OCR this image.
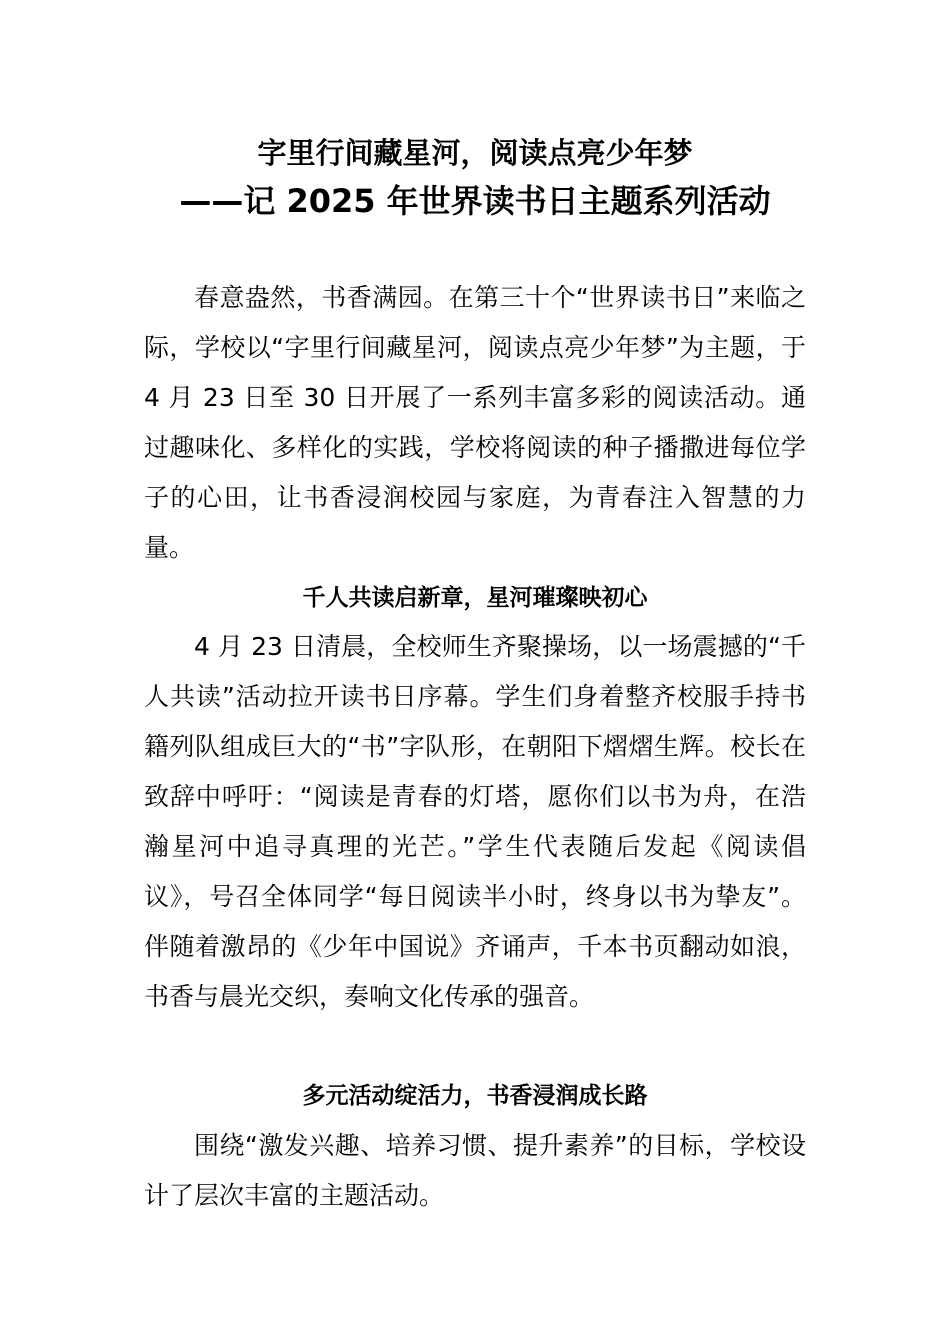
字里行间藏星河，阅读点亮少年梦
——记 2025 年世界读书日主题系列活动

春意盎然，书香满园。在第三十个“世界读书日”来临之际，学校以“字里行间藏星河，阅读点亮少年梦”为主题，于 4 月 23 日至 30 日开展了一系列丰富多彩的阅读活动。通过趣味化、多样化的实践，学校将阅读的种子播撒进每位学子的心田，让书香浸润校园与家庭，为青春注入智慧的力量。

千人共读启新章，星河璀璨映初心

4 月 23 日清晨，全校师生齐聚操场，以一场震撼的“千人共读”活动拉开读书日序幕。学生们身着整齐校服手持书籍列队组成巨大的“书”字队形，在朝阳下熠熠生辉。校长在致辞中呼吁：“阅读是青春的灯塔，愿你们以书为舟，在浩瀚星河中追寻真理的光芒。”学生代表随后发起《阅读倡议》，号召全体同学“每日阅读半小时，终身以书为挚友”。伴随着激昂的《少年中国说》齐诵声，千本书页翻动如浪，书香与晨光交织，奏响文化传承的强音。

多元活动绽活力，书香浸润成长路

围绕“激发兴趣、培养习惯、提升素养”的目标，学校设计了层次丰富的主题活动。
